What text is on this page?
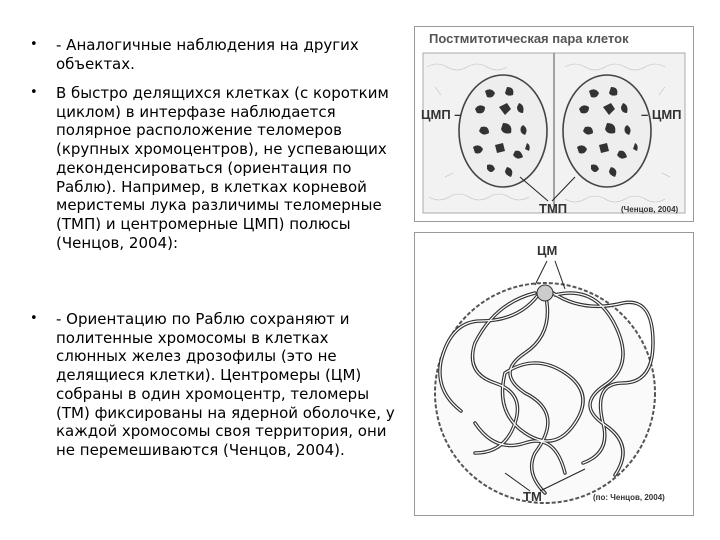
• - Аналогичные наблюдения на других объектах.
• В быстро делящихся клетках (с коротким циклом) в интерфазе наблюдается полярное расположение теломеров (крупных хромоцентров), не успевающих деконденсироваться (ориентация по Раблю). Например, в клетках корневой меристемы лука различимы теломерные (ТМП) и центромерные ЦМП) полюсы (Ченцов, 2004):
• - Ориентацию по Раблю сохраняют и политенные хромосомы в клетках слюнных желез дрозофилы (это не делящиеся клетки). Центромеры (ЦМ) собраны в один хромоцентр, теломеры (ТМ) фиксированы на ядерной оболочке, у каждой хромосомы своя территория, они не перемешиваются (Ченцов, 2004).
Постмитотическая пара клеток
ЦМП –	– ЦМП
ТМП	(Ченцов, 2004)
ЦМ
ТМ	(по: Ченцов, 2004)
